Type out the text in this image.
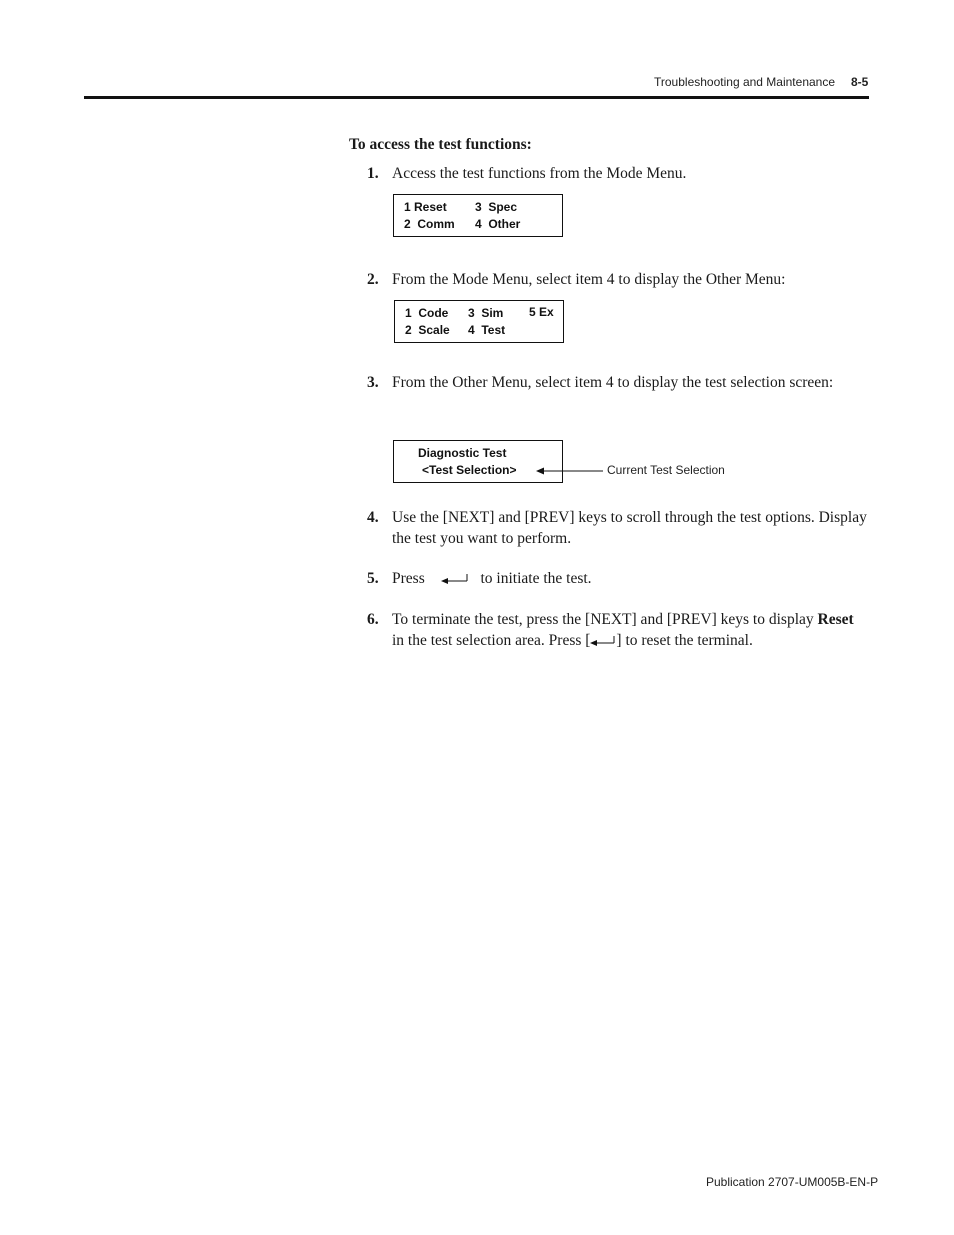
Troubleshooting and Maintenance 8-5
To access the test functions:
1. Access the test functions from the Mode Menu.
1 Reset 3  Spec
2  Comm 4  Other
2. From the Mode Menu, select item 4 to display the Other Menu:
1  Code 3  Sim 5 Ex
2  Scale 4  Test
3. From the Other Menu, select item 4 to display the test selection screen:
Diagnostic Test
<Test Selection>	Current Test Selection
4. Use the [NEXT] and [PREV] keys to scroll through the test options. Display the test you want to perform.
5. Press	to initiate the test.
6. To terminate the test, press the [NEXT] and [PREV] keys to display Reset in the test selection area. Press [ ] to reset the terminal.
Publication 2707-UM005B-EN-P
